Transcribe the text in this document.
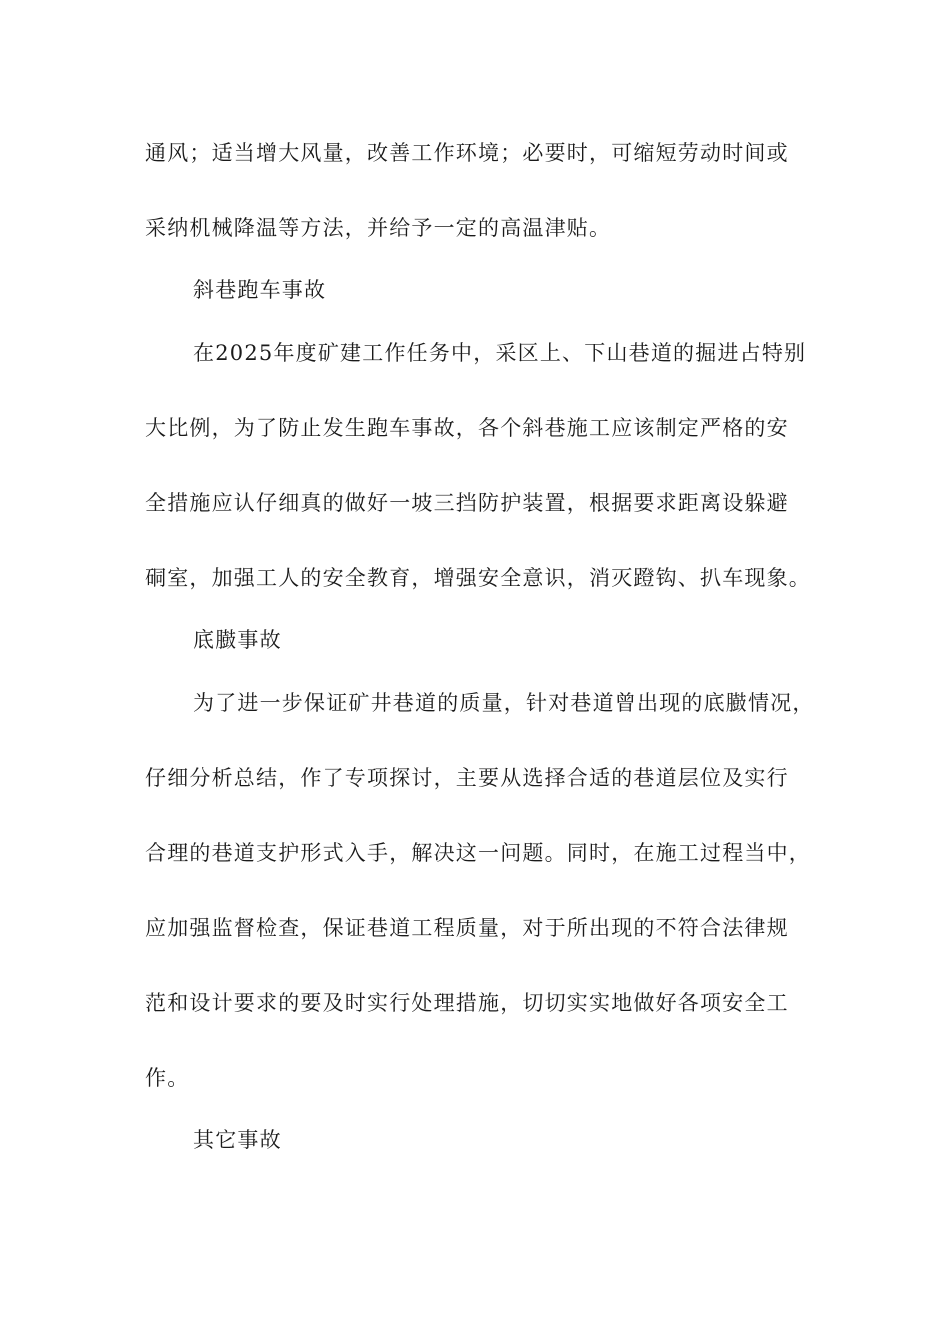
通风；适当增大风量，改善工作环境；必要时，可缩短劳动时间或
采纳机械降温等方法，并给予一定的高温津贴。
斜巷跑车事故
在2025年度矿建工作任务中，采区上、下山巷道的掘进占特别
大比例，为了防止发生跑车事故，各个斜巷施工应该制定严格的安
全措施应认仔细真的做好一坡三挡防护装置，根据要求距离设躲避
硐室，加强工人的安全教育，增强安全意识，消灭蹬钩、扒车现象。
底臌事故
为了进一步保证矿井巷道的质量，针对巷道曾出现的底臌情况，
仔细分析总结，作了专项探讨，主要从选择合适的巷道层位及实行
合理的巷道支护形式入手，解决这一问题。同时，在施工过程当中，
应加强监督检查，保证巷道工程质量，对于所出现的不符合法律规
范和设计要求的要及时实行处理措施，切切实实地做好各项安全工
作。
其它事故
